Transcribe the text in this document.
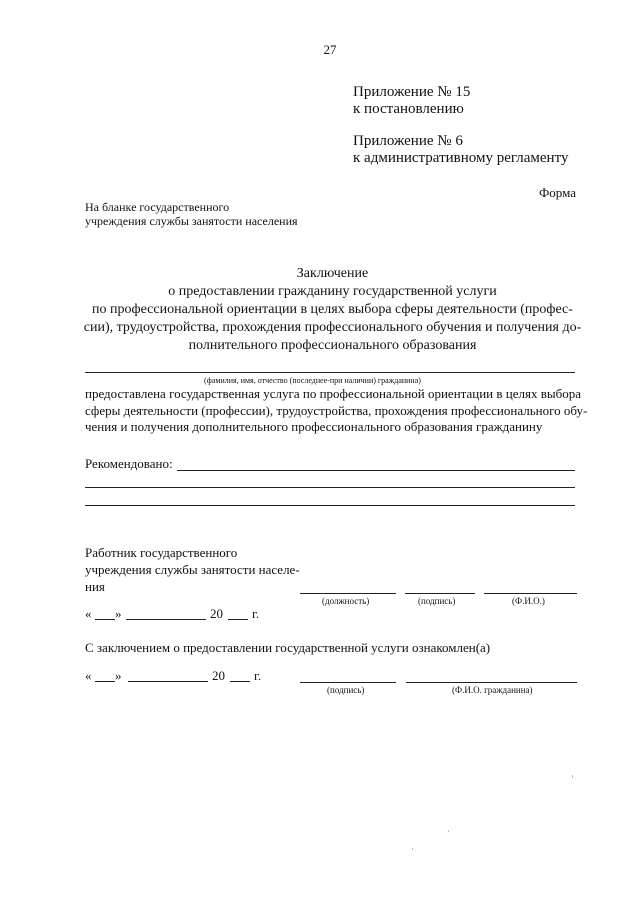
27
Приложение № 15
к постановлению
Приложение № 6
к административному регламенту
Форма
На бланке государственного
учреждения службы занятости населения
Заключение
о предоставлении гражданину государственной услуги
по профессиональной ориентации в целях выбора сферы деятельности (профес-
сии), трудоустройства, прохождения профессионального обучения и получения до-
полнительного профессионального образования
(фамилия, имя, отчество (последнее-при наличии) гражданина)
предоставлена государственная услуга по профессиональной ориентации в целях выбора
сферы деятельности (профессии), трудоустройства, прохождения профессионального обу-
чения и получения дополнительного профессионального образования гражданину
Рекомендовано:
Работник государственного
учреждения службы занятости населе-
ния
(должность)	(подпись)	(Ф.И.О.)
« »	20 г.
С заключением о предоставлении государственной услуги ознакомлен(а)
« »	20 г.
(подпись)	(Ф.И.О. гражданина)
